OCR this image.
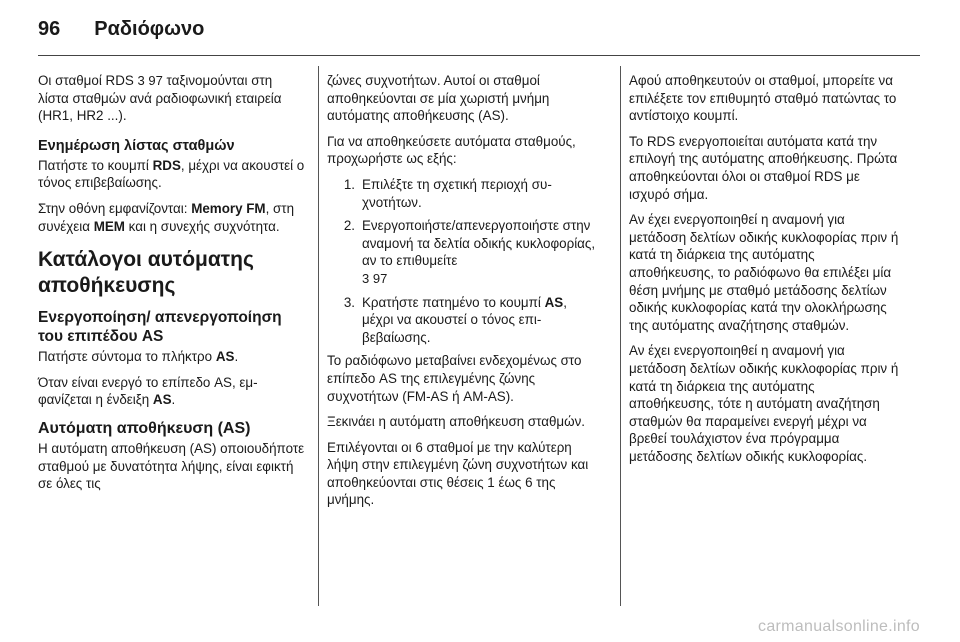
96 Ραδιόφωνο

Οι σταθμοί RDS 3 97 ταξινομούνται στη λίστα σταθμών ανά ραδιοφωνική εταιρεία (HR1, HR2 ...).

Ενημέρωση λίστας σταθμών

Πατήστε το κουμπί RDS, μέχρι να ακουστεί ο τόνος επιβεβαίωσης.

Στην οθόνη εμφανίζονται: Memory FM, στη συνέχεια MEM και η συνεχής συχνότητα.

Κατάλογοι αυτόματης αποθήκευσης
Ενεργοποίηση/ απενεργοποίηση του επιπέδου AS

Πατήστε σύντομα το πλήκτρο AS.

Όταν είναι ενεργό το επίπεδο AS, εμφανίζεται η ένδειξη AS.

Αυτόματη αποθήκευση (AS)

Η αυτόματη αποθήκευση (AS) οποιουδήποτε σταθμού με δυνατότητα λήψης, είναι εφικτή σε όλες τις

ζώνες συχνοτήτων. Αυτοί οι σταθμοί αποθηκεύονται σε μία χωριστή μνήμη αυτόματης αποθήκευσης (AS).

Για να αποθηκεύσετε αυτόματα σταθμούς, προχωρήστε ως εξής:

1. Επιλέξτε τη σχετική περιοχή συχνοτήτων.
2. Ενεργοποιήστε/απενεργοποιήστε στην αναμονή τα δελτία οδικής κυκλοφορίας, αν το επιθυμείτε
3 97
3. Κρατήστε πατημένο το κουμπί AS, μέχρι να ακουστεί ο τόνος επιβεβαίωσης.

Το ραδιόφωνο μεταβαίνει ενδεχομένως στο επίπεδο AS της επιλεγμένης ζώνης συχνοτήτων (FM-AS ή AM-AS).

Ξεκινάει η αυτόματη αποθήκευση σταθμών.

Επιλέγονται οι 6 σταθμοί με την καλύτερη λήψη στην επιλεγμένη ζώνη συχνοτήτων και αποθηκεύονται στις θέσεις 1 έως 6 της μνήμης.

Αφού αποθηκευτούν οι σταθμοί, μπορείτε να επιλέξετε τον επιθυμητό σταθμό πατώντας το αντίστοιχο κουμπί.

Το RDS ενεργοποιείται αυτόματα κατά την επιλογή της αυτόματης αποθήκευσης. Πρώτα αποθηκεύονται όλοι οι σταθμοί RDS με ισχυρό σήμα.

Αν έχει ενεργοποιηθεί η αναμονή για μετάδοση δελτίων οδικής κυκλοφορίας πριν ή κατά τη διάρκεια της αυτόματης αποθήκευσης, το ραδιόφωνο θα επιλέξει μία θέση μνήμης με σταθμό μετάδοσης δελτίων οδικής κυκλοφορίας κατά την ολοκλήρωσης της αυτόματης αναζήτησης σταθμών.

Αν έχει ενεργοποιηθεί η αναμονή για μετάδοση δελτίων οδικής κυκλοφορίας πριν ή κατά τη διάρκεια της αυτόματης αποθήκευσης, τότε η αυτόματη αναζήτηση σταθμών θα παραμείνει ενεργή μέχρι να βρεθεί τουλάχιστον ένα πρόγραμμα μετάδοσης δελτίων οδικής κυκλοφορίας.

carmanualsonline.info
